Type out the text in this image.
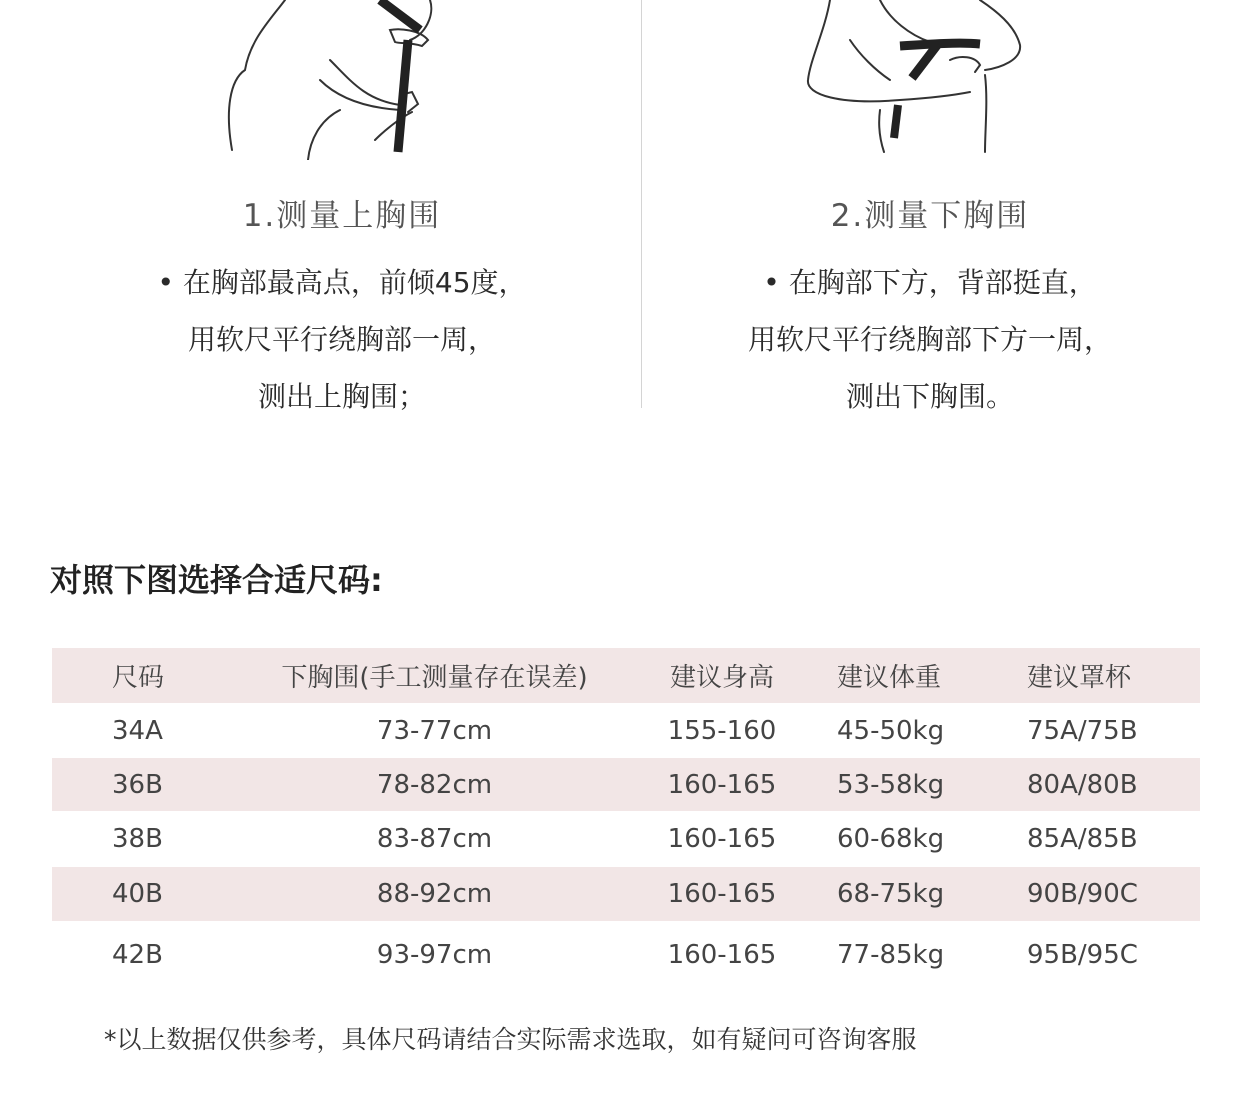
1.测量上胸围

• 在胸部最高点，前倾45度，

用软尺平行绕胸部一周，

测出上胸围；

2.测量下胸围

• 在胸部下方，背部挺直，

用软尺平行绕胸部下方一周，

测出下胸围。

对照下图选择合适尺码:
尺码	下胸围(手工测量存在误差)	建议身高	建议体重	建议罩杯
34A	73-77cm	155-160	45-50kg	75A/75B
36B	78-82cm	160-165	53-58kg	80A/80B
38B	83-87cm	160-165	60-68kg	85A/85B
40B	88-92cm	160-165	68-75kg	90B/90C
42B	93-97cm	160-165	77-85kg	95B/95C

*以上数据仅供参考，具体尺码请结合实际需求选取，如有疑问可咨询客服
